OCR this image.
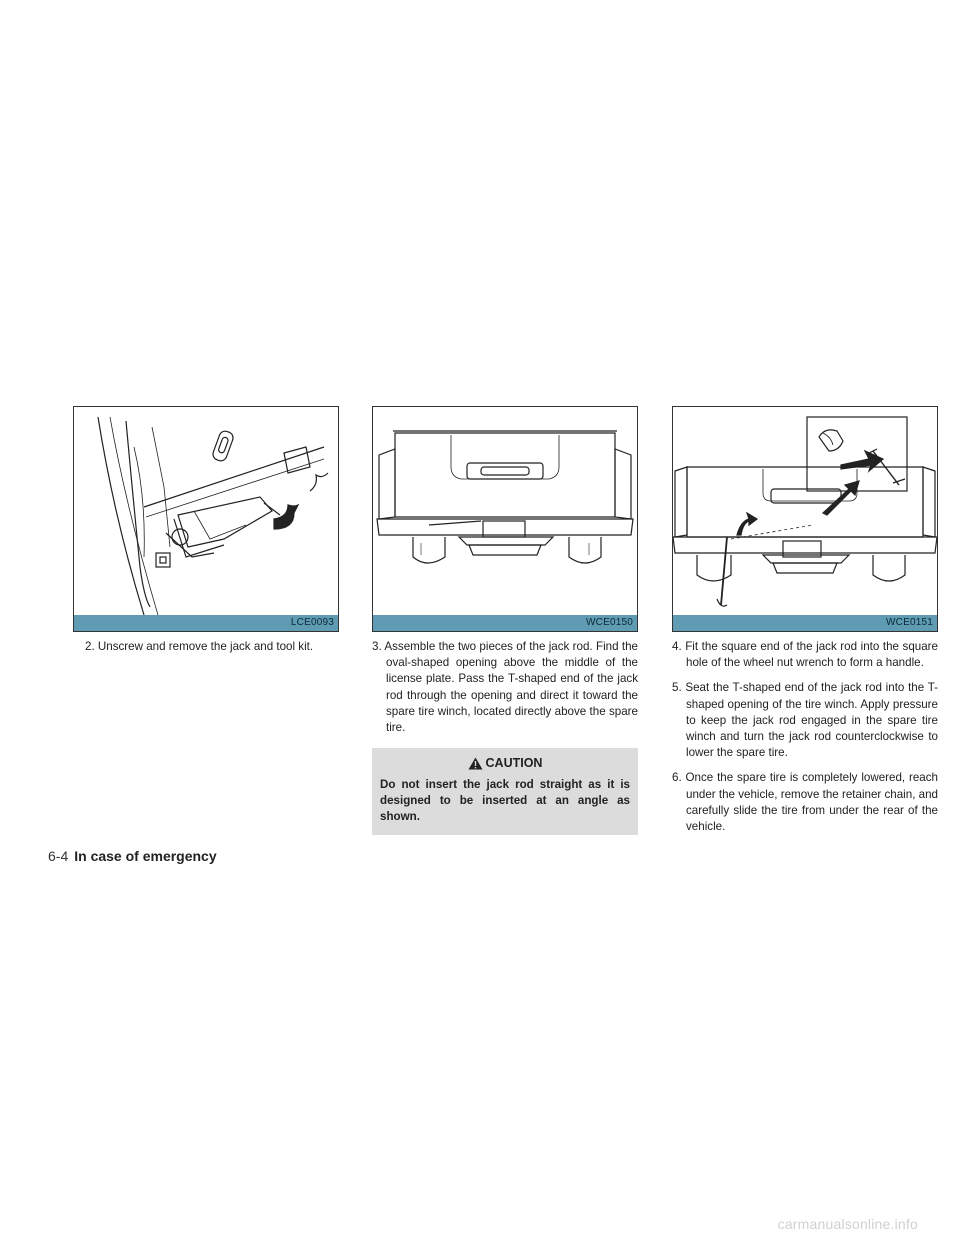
LCE0093
2. Unscrew and remove the jack and tool kit.
WCE0150
3. Assemble the two pieces of the jack rod. Find the oval-shaped opening above the middle of the license plate. Pass the T-shaped end of the jack rod through the opening and direct it toward the spare tire winch, located directly above the spare tire.
CAUTION
Do not insert the jack rod straight as it is designed to be inserted at an angle as shown.
WCE0151
4. Fit the square end of the jack rod into the square hole of the wheel nut wrench to form a handle.
5. Seat the T-shaped end of the jack rod into the T-shaped opening of the tire winch. Apply pressure to keep the jack rod engaged in the spare tire winch and turn the jack rod counterclockwise to lower the spare tire.
6. Once the spare tire is completely lowered, reach under the vehicle, remove the retainer chain, and carefully slide the tire from under the rear of the vehicle.
6-4 In case of emergency
carmanualsonline.info
